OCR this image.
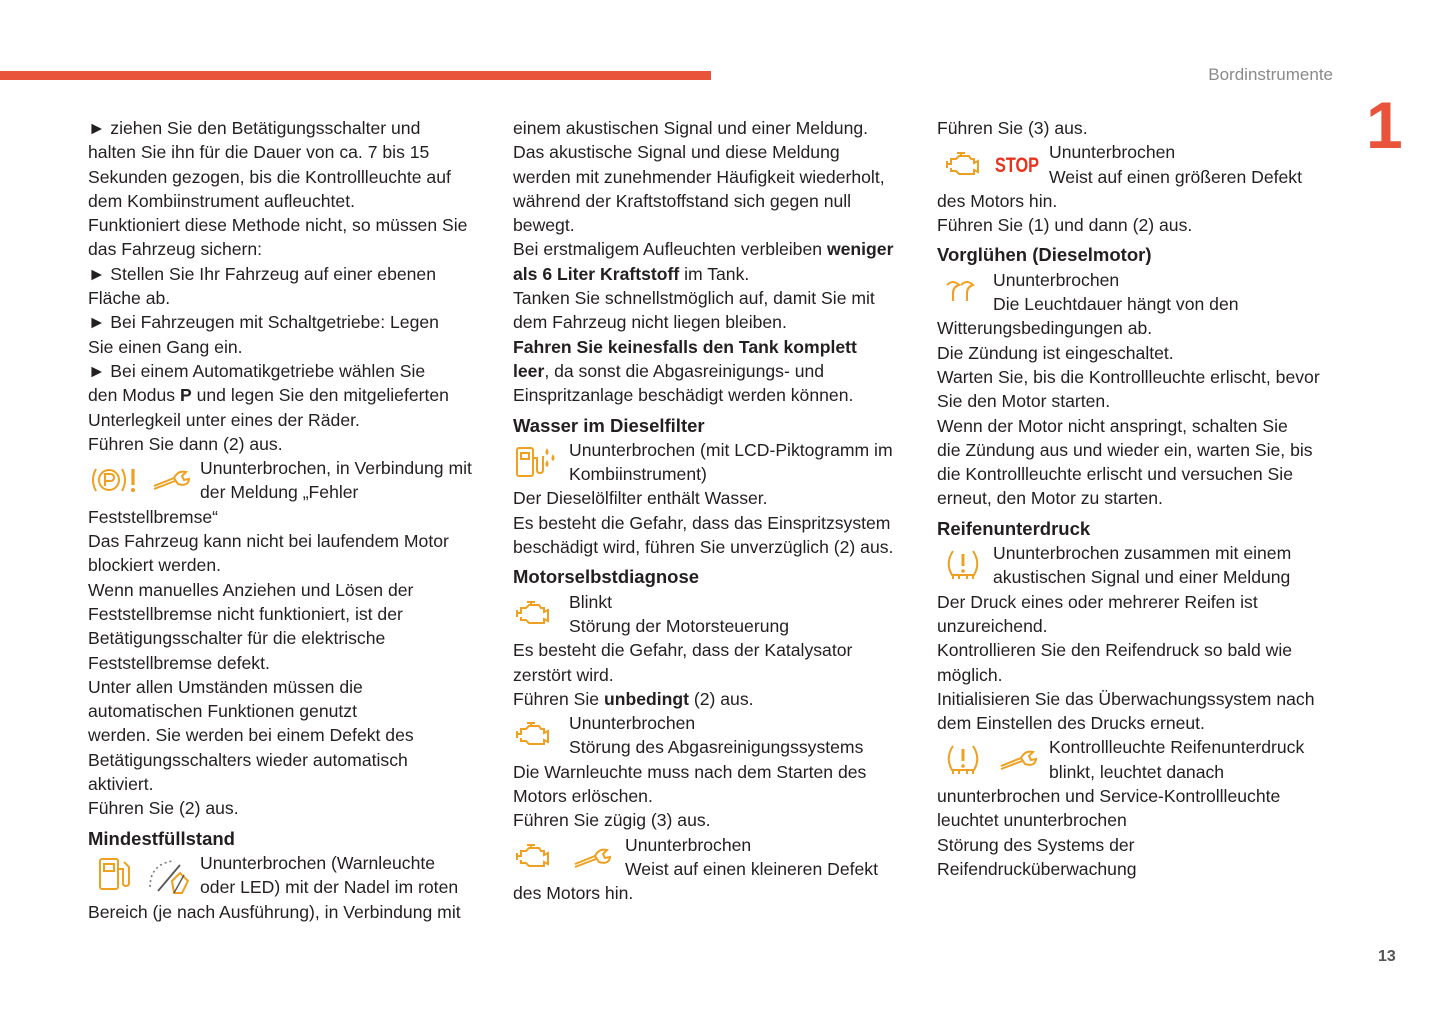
Bordinstrumente
1
13

► ziehen Sie den Betätigungsschalter und

halten Sie ihn für die Dauer von ca. 7 bis 15

Sekunden gezogen, bis die Kontrollleuchte auf

dem Kombiinstrument aufleuchtet.

Funktioniert diese Methode nicht, so müssen Sie

das Fahrzeug sichern:

► Stellen Sie Ihr Fahrzeug auf einer ebenen

Fläche ab.

► Bei Fahrzeugen mit Schaltgetriebe: Legen

Sie einen Gang ein.

► Bei einem Automatikgetriebe wählen Sie

den Modus P und legen Sie den mitgelieferten

Unterlegkeil unter eines der Räder.

Führen Sie dann (2) aus.

Ununterbrochen, in Verbindung mit

der Meldung „Fehler

Feststellbremse“

Das Fahrzeug kann nicht bei laufendem Motor

blockiert werden.

Wenn manuelles Anziehen und Lösen der

Feststellbremse nicht funktioniert, ist der

Betätigungsschalter für die elektrische

Feststellbremse defekt.

Unter allen Umständen müssen die

automatischen Funktionen genutzt

werden. Sie werden bei einem Defekt des

Betätigungsschalters wieder automatisch

aktiviert.

Führen Sie (2) aus.

Mindestfüllstand

Ununterbrochen (Warnleuchte

oder LED) mit der Nadel im roten

Bereich (je nach Ausführung), in Verbindung mit

einem akustischen Signal und einer Meldung.

Das akustische Signal und diese Meldung

werden mit zunehmender Häufigkeit wiederholt,

während der Kraftstoffstand sich gegen null

bewegt.

Bei erstmaligem Aufleuchten verbleiben weniger

als 6 Liter Kraftstoff im Tank.

Tanken Sie schnellstmöglich auf, damit Sie mit

dem Fahrzeug nicht liegen bleiben.

Fahren Sie keinesfalls den Tank komplett

leer, da sonst die Abgasreinigungs- und

Einspritzanlage beschädigt werden können.

Wasser im Dieselfilter

Ununterbrochen (mit LCD-Piktogramm im

Kombiinstrument)

Der Dieselölfilter enthält Wasser.

Es besteht die Gefahr, dass das Einspritzsystem

beschädigt wird, führen Sie unverzüglich (2) aus.

Motorselbstdiagnose

Blinkt

Störung der Motorsteuerung

Es besteht die Gefahr, dass der Katalysator

zerstört wird.

Führen Sie unbedingt (2) aus.

Ununterbrochen

Störung des Abgasreinigungssystems

Die Warnleuchte muss nach dem Starten des

Motors erlöschen.

Führen Sie zügig (3) aus.

Ununterbrochen

Weist auf einen kleineren Defekt

des Motors hin.

Führen Sie (3) aus.

STOP

Ununterbrochen

Weist auf einen größeren Defekt

des Motors hin.

Führen Sie (1) und dann (2) aus.

Vorglühen (Dieselmotor)

Ununterbrochen

Die Leuchtdauer hängt von den

Witterungsbedingungen ab.

Die Zündung ist eingeschaltet.

Warten Sie, bis die Kontrollleuchte erlischt, bevor

Sie den Motor starten.

Wenn der Motor nicht anspringt, schalten Sie

die Zündung aus und wieder ein, warten Sie, bis

die Kontrollleuchte erlischt und versuchen Sie

erneut, den Motor zu starten.

Reifenunterdruck

Ununterbrochen zusammen mit einem

akustischen Signal und einer Meldung

Der Druck eines oder mehrerer Reifen ist

unzureichend.

Kontrollieren Sie den Reifendruck so bald wie

möglich.

Initialisieren Sie das Überwachungssystem nach

dem Einstellen des Drucks erneut.

Kontrollleuchte Reifenunterdruck

blinkt, leuchtet danach

ununterbrochen und Service-Kontrollleuchte

leuchtet ununterbrochen

Störung des Systems der

Reifendrucküberwachung
